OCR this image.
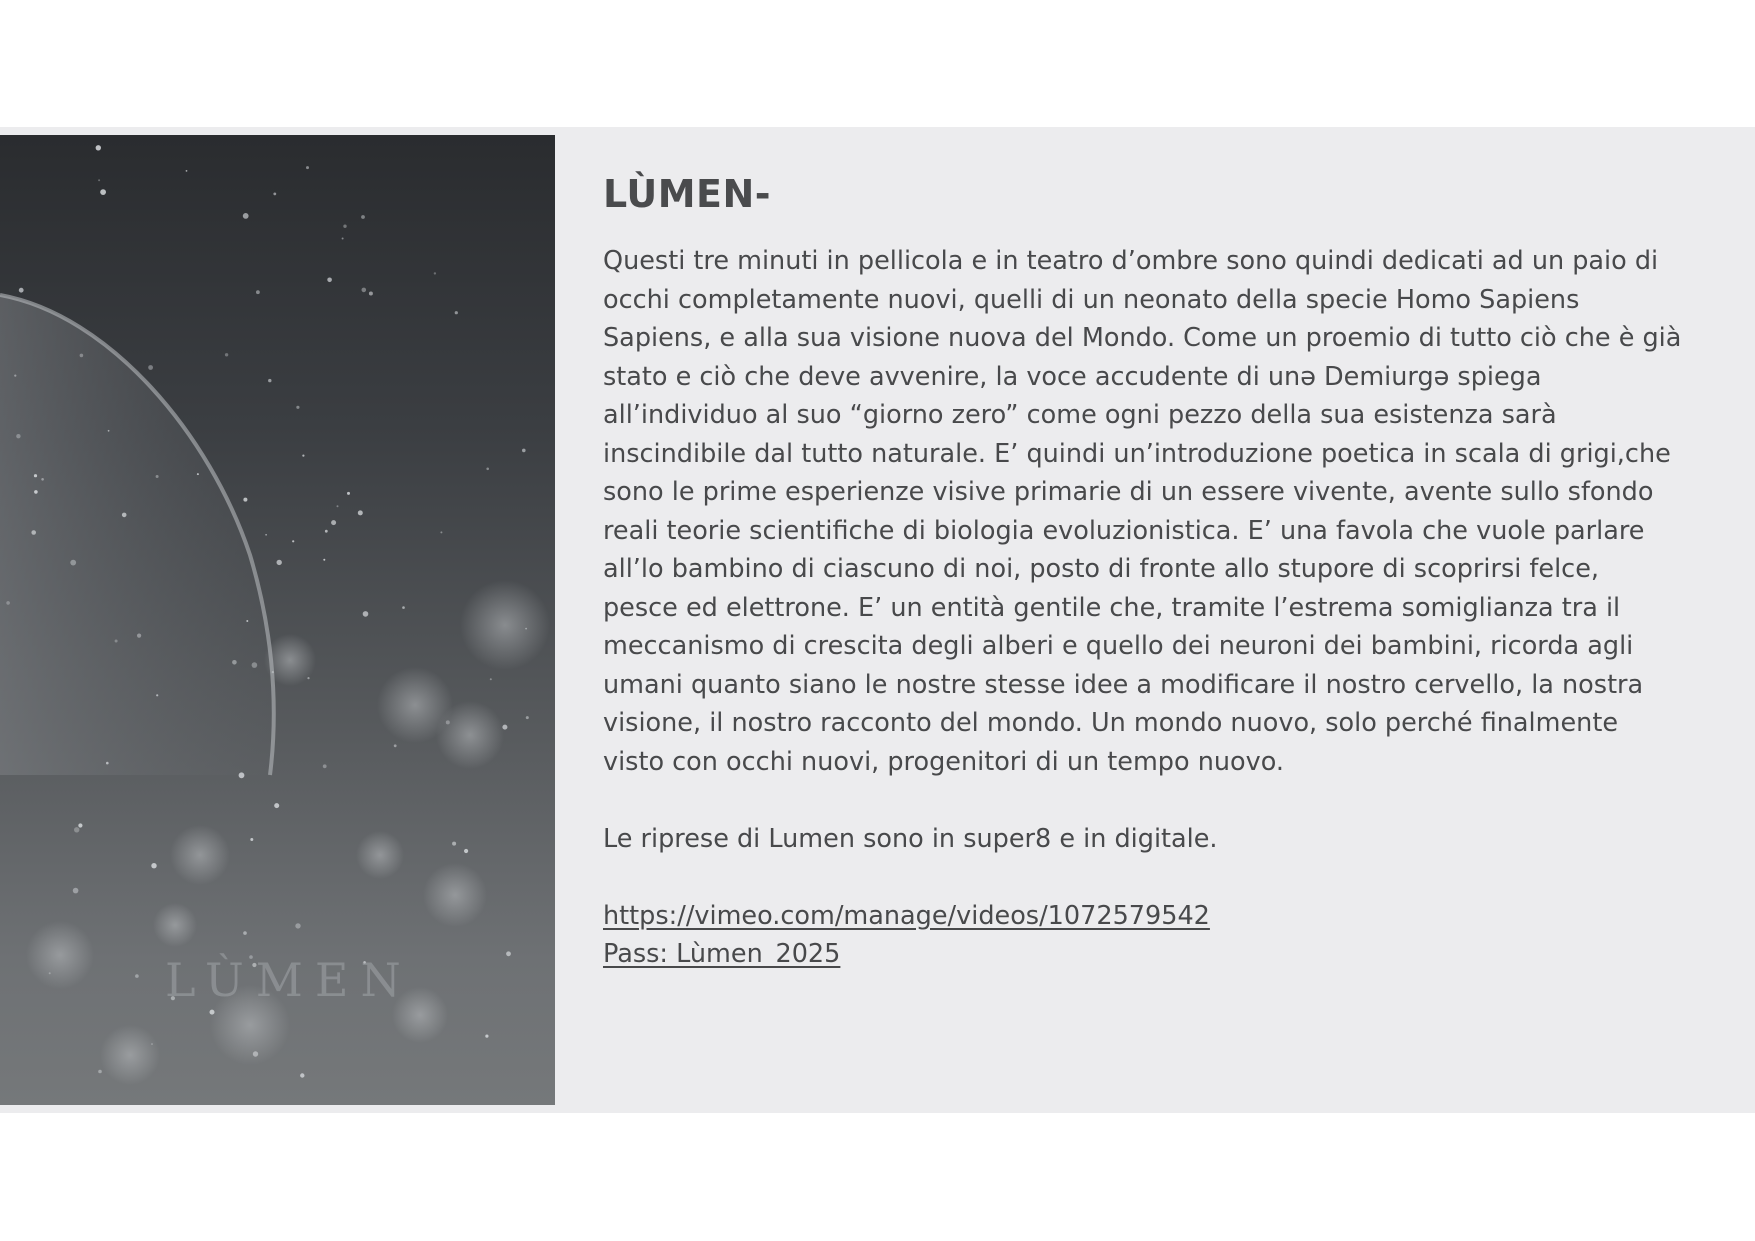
LÙMEN
LÙMEN-
Questi tre minuti in pellicola e in teatro d’ombre sono quindi dedicati ad un paio di
occhi completamente nuovi, quelli di un neonato della specie Homo Sapiens
Sapiens, e alla sua visione nuova del Mondo. Come un proemio di tutto ciò che è già
stato e ciò che deve avvenire, la voce accudente di unə Demiurgə spiega
all’individuo al suo “giorno zero” come ogni pezzo della sua esistenza sarà
inscindibile dal tutto naturale. E’ quindi un’introduzione poetica in scala di grigi,che
sono le prime esperienze visive primarie di un essere vivente, avente sullo sfondo
reali teorie scientifiche di biologia evoluzionistica. E’ una favola che vuole parlare
all’lo bambino di ciascuno di noi, posto di fronte allo stupore di scoprirsi felce,
pesce ed elettrone. E’ un entità gentile che, tramite l’estrema somiglianza tra il
meccanismo di crescita degli alberi e quello dei neuroni dei bambini, ricorda agli
umani quanto siano le nostre stesse idee a modificare il nostro cervello, la nostra
visione, il nostro racconto del mondo. Un mondo nuovo, solo perché finalmente
visto con occhi nuovi, progenitori di un tempo nuovo.
Le riprese di Lumen sono in super8 e in digitale.
https://vimeo.com/manage/videos/1072579542
Pass: Lùmen_2025
